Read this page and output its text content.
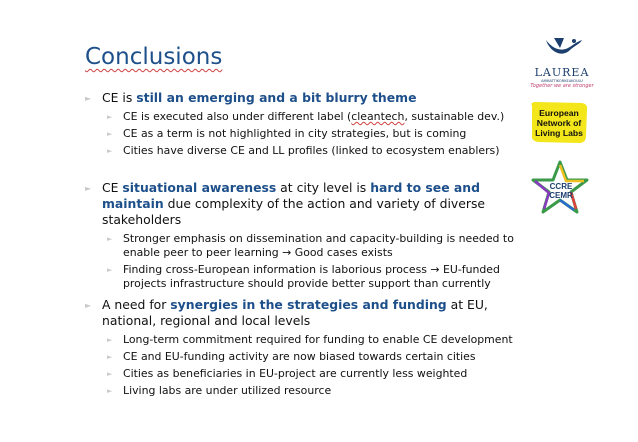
Conclusions
LAUREA
AMMATTIKORKEAKOULU
Together we are stronger
European
Network of
Living Labs
CCRE
CEMR
► CE is still an emerging and a bit blurry theme
► CE is executed also under different label (cleantech, sustainable dev.)
► CE as a term is not highlighted in city strategies, but is coming
► Cities have diverse CE and LL profiles (linked to ecosystem enablers)
► CE situational awareness at city level is hard to see and maintain due complexity of the action and variety of diverse stakeholders
► Stronger emphasis on dissemination and capacity-building is needed to enable peer to peer learning → Good cases exists
► Finding cross-European information is laborious process → EU-funded projects infrastructure should provide better support than currently
► A need for synergies in the strategies and funding at EU, national, regional and local levels
► Long-term commitment required for funding to enable CE development
► CE and EU-funding activity are now biased towards certain cities
► Cities as beneficiaries in EU-project are currently less weighted
► Living labs are under utilized resource
